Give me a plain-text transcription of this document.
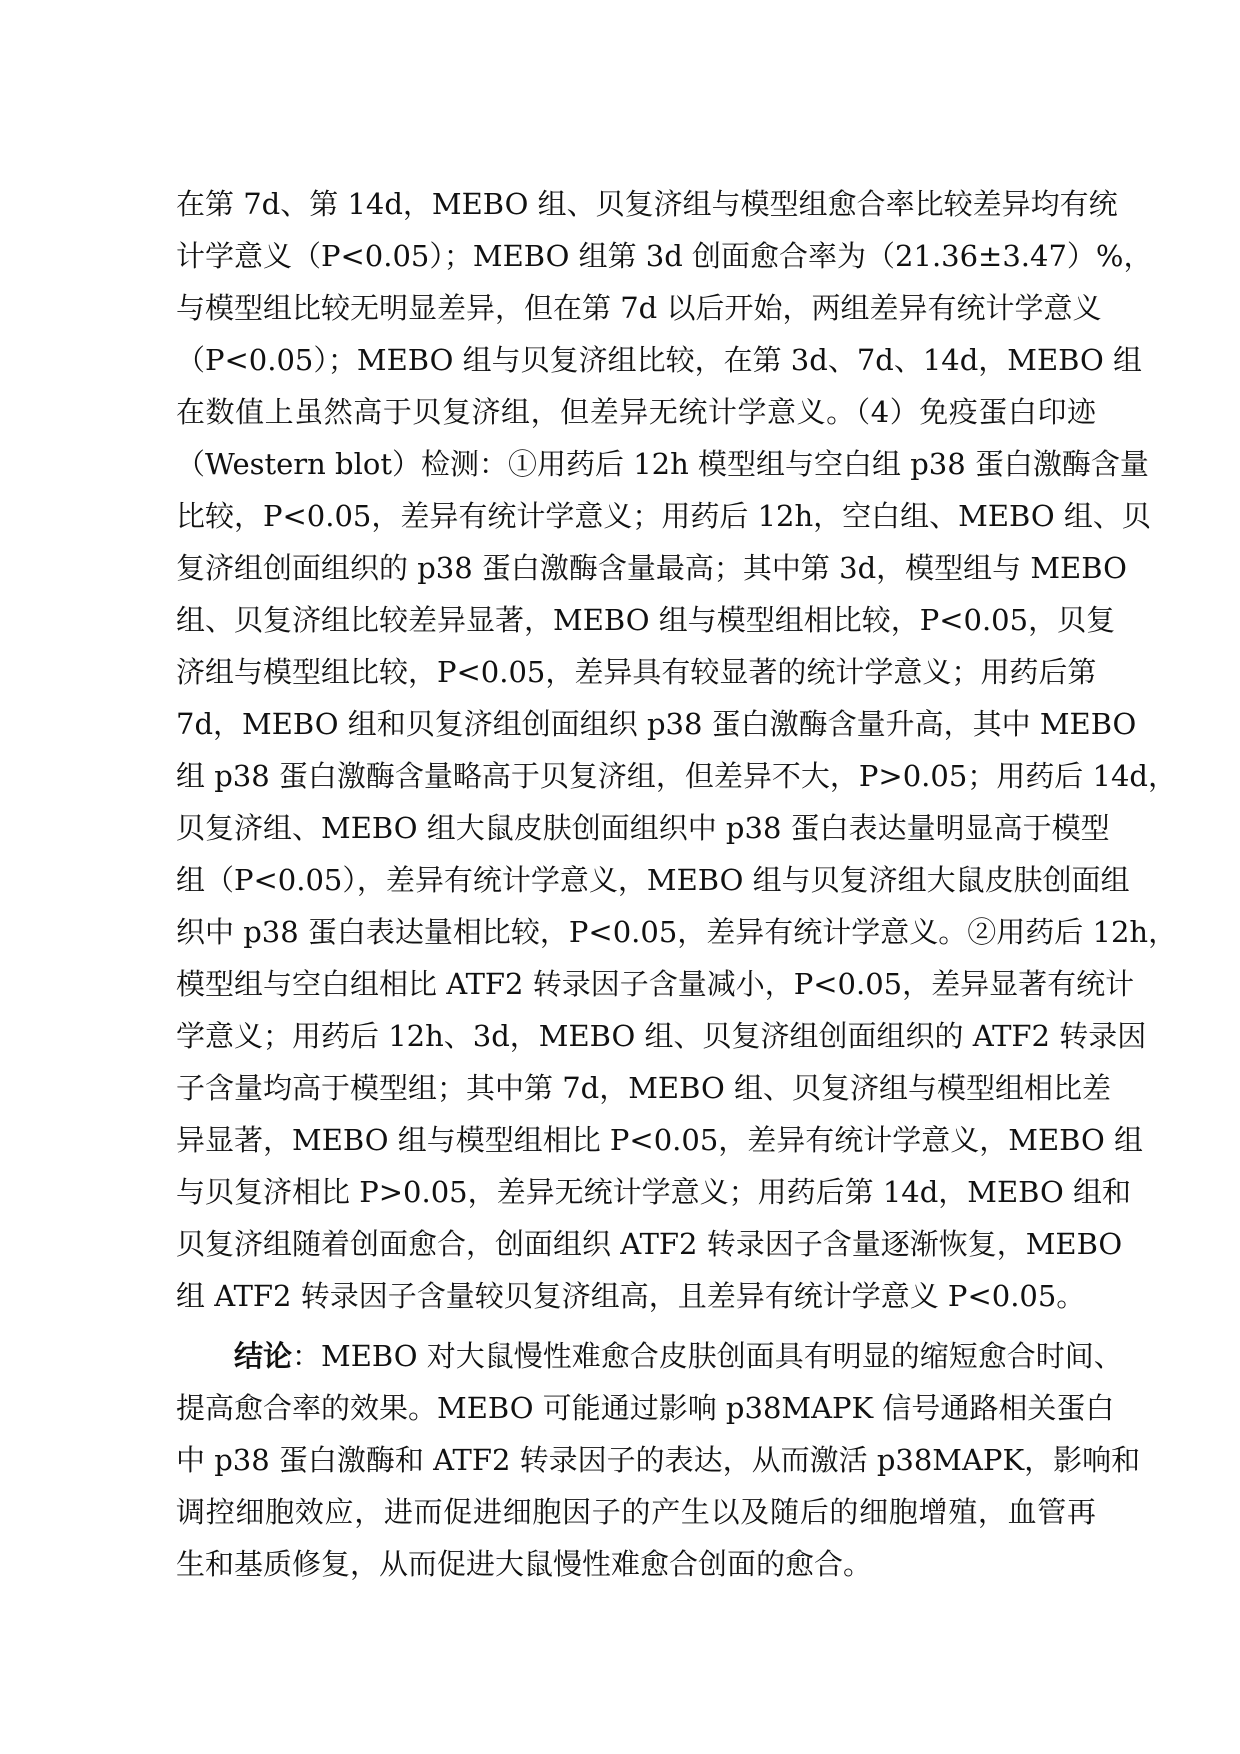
在第 7d、第 14d，MEBO 组、贝复济组与模型组愈合率比较差异均有统
计学意义（P<0.05）；MEBO 组第 3d 创面愈合率为（21.36±3.47）%，
与模型组比较无明显差异，但在第 7d 以后开始，两组差异有统计学意义
（P<0.05）；MEBO 组与贝复济组比较，在第 3d、7d、14d，MEBO 组
在数值上虽然高于贝复济组，但差异无统计学意义。（4）免疫蛋白印迹
（Western blot）检测：①用药后 12h 模型组与空白组 p38 蛋白激酶含量
比较，P<0.05，差异有统计学意义；用药后 12h，空白组、MEBO 组、贝
复济组创面组织的 p38 蛋白激酶含量最高；其中第 3d，模型组与 MEBO
组、贝复济组比较差异显著，MEBO 组与模型组相比较，P<0.05，贝复
济组与模型组比较，P<0.05，差异具有较显著的统计学意义；用药后第
7d，MEBO 组和贝复济组创面组织 p38 蛋白激酶含量升高，其中 MEBO
组 p38 蛋白激酶含量略高于贝复济组，但差异不大，P>0.05；用药后 14d，
贝复济组、MEBO 组大鼠皮肤创面组织中 p38 蛋白表达量明显高于模型
组（P<0.05），差异有统计学意义，MEBO 组与贝复济组大鼠皮肤创面组
织中 p38 蛋白表达量相比较，P<0.05，差异有统计学意义。②用药后 12h，
模型组与空白组相比 ATF2 转录因子含量减小，P<0.05，差异显著有统计
学意义；用药后 12h、3d，MEBO 组、贝复济组创面组织的 ATF2 转录因
子含量均高于模型组；其中第 7d，MEBO 组、贝复济组与模型组相比差
异显著，MEBO 组与模型组相比 P<0.05，差异有统计学意义，MEBO 组
与贝复济相比 P>0.05，差异无统计学意义；用药后第 14d，MEBO 组和
贝复济组随着创面愈合，创面组织 ATF2 转录因子含量逐渐恢复，MEBO
组 ATF2 转录因子含量较贝复济组高，且差异有统计学意义 P<0.05。
结论：MEBO 对大鼠慢性难愈合皮肤创面具有明显的缩短愈合时间、
提高愈合率的效果。MEBO 可能通过影响 p38MAPK 信号通路相关蛋白
中 p38 蛋白激酶和 ATF2 转录因子的表达，从而激活 p38MAPK，影响和
调控细胞效应，进而促进细胞因子的产生以及随后的细胞增殖，血管再
生和基质修复，从而促进大鼠慢性难愈合创面的愈合。
